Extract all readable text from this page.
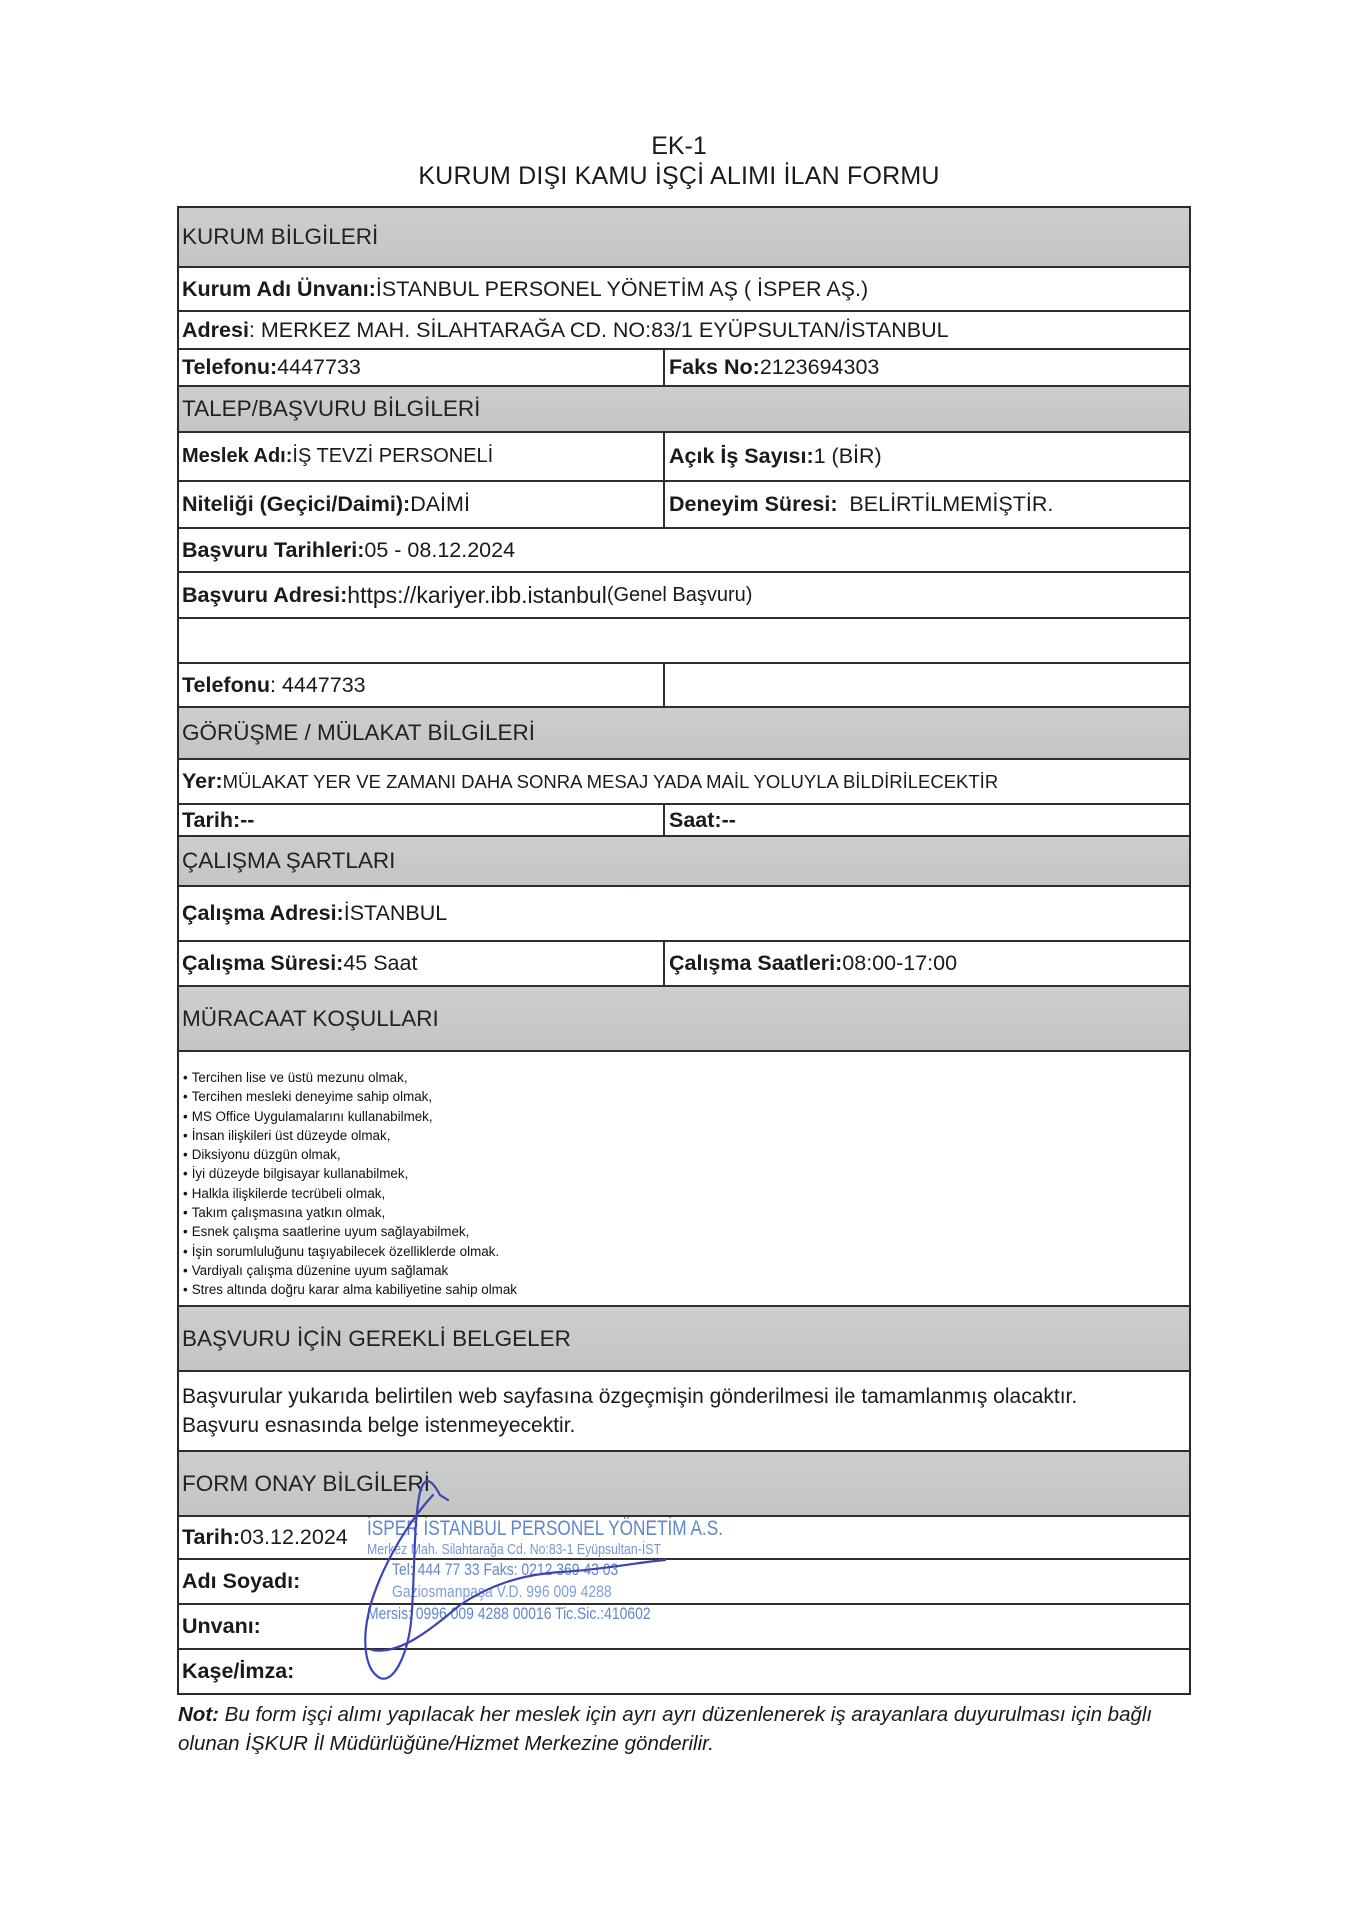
EK-1
KURUM DIŞI KAMU İŞÇİ ALIMI İLAN FORMU
KURUM BİLGİLERİ
Kurum Adı Ünvanı: İSTANBUL PERSONEL YÖNETİM AŞ ( İSPER AŞ.)
Adresi : MERKEZ MAH. SİLAHTARAĞA CD. NO:83/1 EYÜPSULTAN/İSTANBUL
Telefonu: 4447733	Faks No: 2123694303
TALEP/BAŞVURU BİLGİLERİ
Meslek Adı: İŞ TEVZİ PERSONELİ	Açık İş Sayısı: 1 (BİR)
Niteliği (Geçici/Daimi): DAİMİ	Deneyim Süresi: BELİRTİLMEMİŞTİR.
Başvuru Tarihleri: 05 - 08.12.2024
Başvuru Adresi: https://kariyer.ibb.istanbul (Genel Başvuru)
Telefonu : 4447733
GÖRÜŞME / MÜLAKAT BİLGİLERİ
Yer: MÜLAKAT YER VE ZAMANI DAHA SONRA MESAJ YADA MAİL YOLUYLA BİLDİRİLECEKTİR
Tarih:--	Saat:--
ÇALIŞMA ŞARTLARI
Çalışma Adresi: İSTANBUL
Çalışma Süresi: 45 Saat	Çalışma Saatleri: 08:00-17:00
MÜRACAAT KOŞULLARI
• Tercihen lise ve üstü mezunu olmak,
• Tercihen mesleki deneyime sahip olmak,
• MS Office Uygulamalarını kullanabilmek,
• İnsan ilişkileri üst düzeyde olmak,
• Diksiyonu düzgün olmak,
• İyi düzeyde bilgisayar kullanabilmek,
• Halkla ilişkilerde tecrübeli olmak,
• Takım çalışmasına yatkın olmak,
• Esnek çalışma saatlerine uyum sağlayabilmek,
• İşin sorumluluğunu taşıyabilecek özelliklerde olmak.
• Vardiyalı çalışma düzenine uyum sağlamak
• Stres altında doğru karar alma kabiliyetine sahip olmak
BAŞVURU İÇİN GEREKLİ BELGELER
Başvurular yukarıda belirtilen web sayfasına özgeçmişin gönderilmesi ile tamamlanmış olacaktır.
Başvuru esnasında belge istenmeyecektir.
FORM ONAY BİLGİLERİ
Tarih: 03.12.2024
Adı Soyadı:
Unvanı:
Kaşe/İmza:
İSPER İSTANBUL PERSONEL YÖNETİM A.S.
Merkez Mah. Silahtarağa Cd. No:83-1 Eyüpsultan-İST
Tel: 444 77 33 Faks: 0212 369 43 03
Gaziosmanpaşa V.D. 996 009 4288
Mersis: 0996 009 4288 00016 Tic.Sic.:410602
Not: Bu form işçi alımı yapılacak her meslek için ayrı ayrı düzenlenerek iş arayanlara duyurulması için bağlı olunan İŞKUR İl Müdürlüğüne/Hizmet Merkezine gönderilir.
